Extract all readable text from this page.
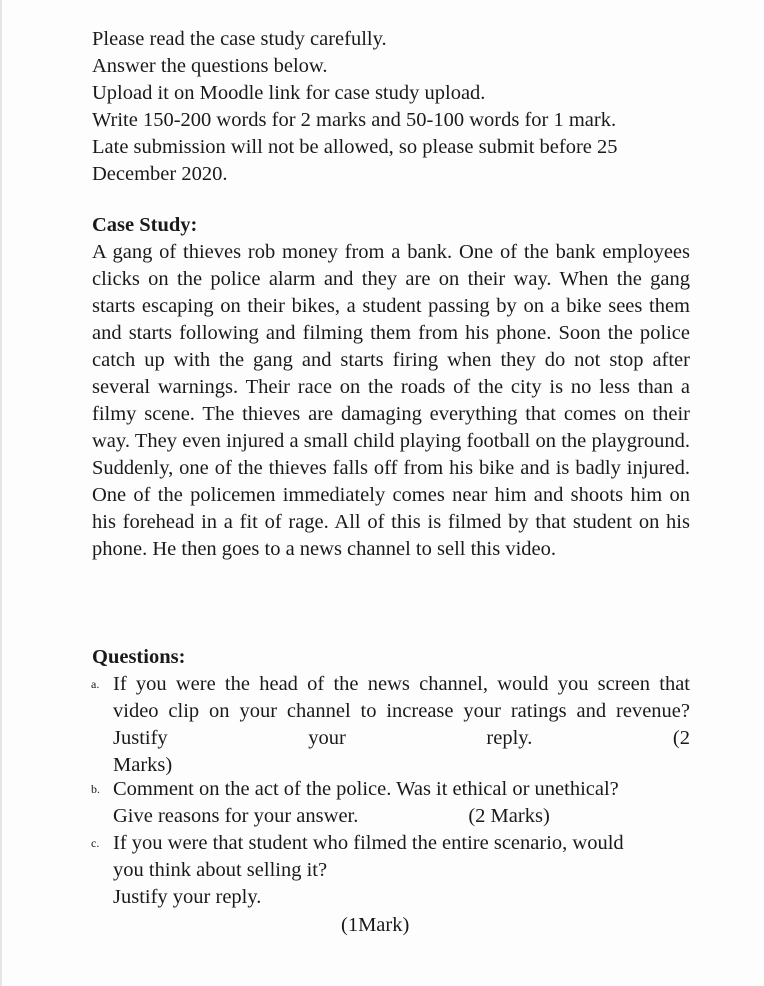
Please read the case study carefully.
Answer the questions below.
Upload it on Moodle link for case study upload.
Write 150-200 words for 2 marks and 50-100 words for 1 mark.
Late submission will not be allowed, so please submit before 25
December 2020.
Case Study:
A gang of thieves rob money from a bank. One of the bank employees clicks on the police alarm and they are on their way. When the gang starts escaping on their bikes, a student passing by on a bike sees them and starts following and filming them from his phone. Soon the police catch up with the gang and starts firing when they do not stop after several warnings. Their race on the roads of the city is no less than a filmy scene. The thieves are damaging everything that comes on their way. They even injured a small child playing football on the playground. Suddenly, one of the thieves falls off from his bike and is badly injured. One of the policemen immediately comes near him and shoots him on his forehead in a fit of rage. All of this is filmed by that student on his phone. He then goes to a news channel to sell this video.
Questions:
a. If you were the head of the news channel, would you screen that video clip on your channel to increase your ratings and revenue? Justify your reply. (2
Marks)
b. Comment on the act of the police. Was it ethical or unethical?
Give reasons for your answer.	(2 Marks)
c. If you were that student who filmed the entire scenario, would
you think about selling it?
Justify your reply.
(1Mark)
